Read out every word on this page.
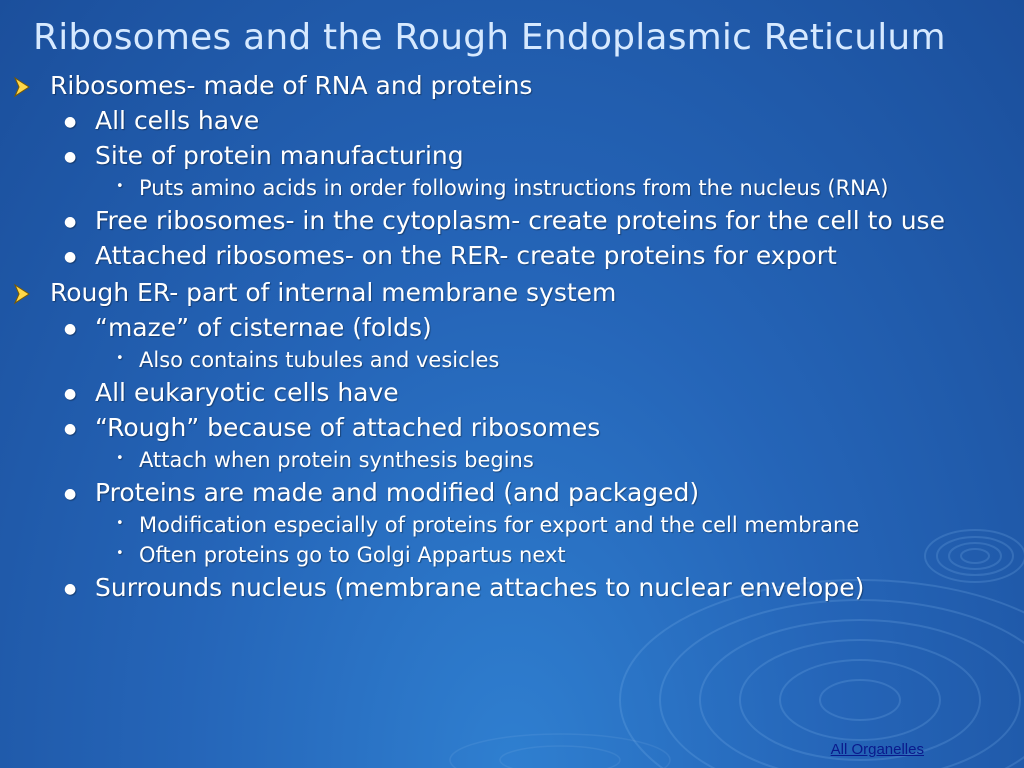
Ribosomes and the Rough Endoplasmic Reticulum
Ribosomes- made of RNA and proteins
● All cells have
● Site of protein manufacturing
• Puts amino acids in order following instructions from the nucleus (RNA)
● Free ribosomes- in the cytoplasm- create proteins for the cell to use
● Attached ribosomes- on the RER- create proteins for export
Rough ER- part of internal membrane system
● “maze” of cisternae (folds)
• Also contains tubules and vesicles
● All eukaryotic cells have
● “Rough” because of attached ribosomes
• Attach when protein synthesis begins
● Proteins are made and modified (and packaged)
• Modification especially of proteins for export and the cell membrane
• Often proteins go to Golgi Appartus next
● Surrounds nucleus (membrane attaches to nuclear envelope)
All Organelles
